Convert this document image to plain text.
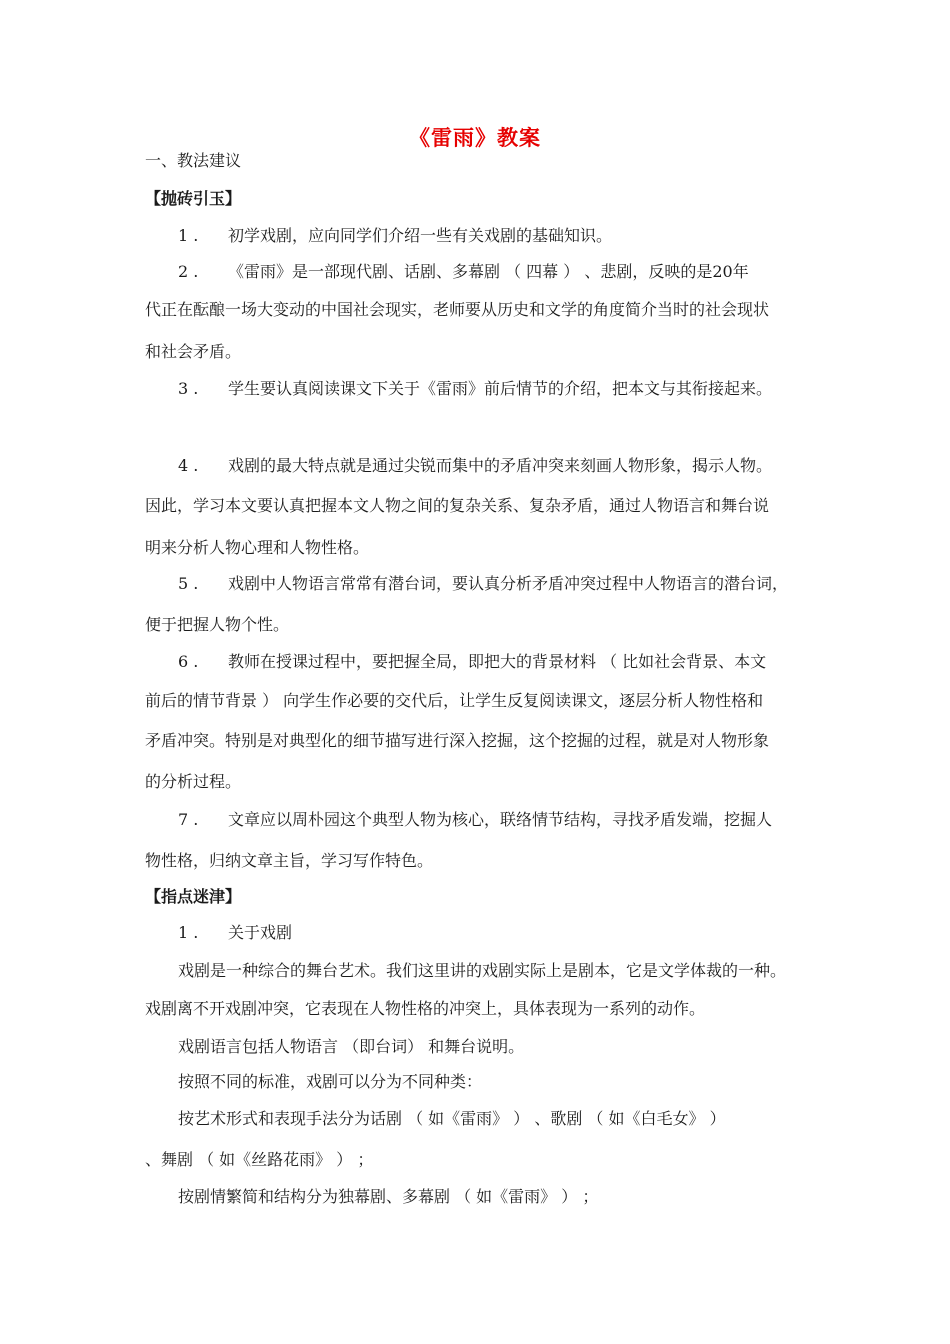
《雷雨》教案
一、教法建议
【抛砖引玉】
1 . 初学戏剧，应向同学们介绍一些有关戏剧的基础知识。
2 . 《雷雨》是一部现代剧、话剧、多幕剧 （ 四幕 ） 、悲剧，反映的是20年
代正在酝酿一场大变动的中国社会现实，老师要从历史和文学的角度简介当时的社会现状
和社会矛盾。
3 . 学生要认真阅读课文下关于《雷雨》前后情节的介绍，把本文与其衔接起来。
4 . 戏剧的最大特点就是通过尖锐而集中的矛盾冲突来刻画人物形象，揭示人物。
因此，学习本文要认真把握本文人物之间的复杂关系、复杂矛盾，通过人物语言和舞台说
明来分析人物心理和人物性格。
5 . 戏剧中人物语言常常有潜台词，要认真分析矛盾冲突过程中人物语言的潜台词，
便于把握人物个性。
6 . 教师在授课过程中，要把握全局，即把大的背景材料 （ 比如社会背景、本文
前后的情节背景 ） 向学生作必要的交代后，让学生反复阅读课文，逐层分析人物性格和
矛盾冲突。特别是对典型化的细节描写进行深入挖掘，这个挖掘的过程，就是对人物形象
的分析过程。
7 . 文章应以周朴园这个典型人物为核心，联络情节结构，寻找矛盾发端，挖掘人
物性格，归纳文章主旨，学习写作特色。
【指点迷津】
1 . 关于戏剧
戏剧是一种综合的舞台艺术。我们这里讲的戏剧实际上是剧本，它是文学体裁的一种。
戏剧离不开戏剧冲突，它表现在人物性格的冲突上，具体表现为一系列的动作。
戏剧语言包括人物语言 （即台词） 和舞台说明。
按照不同的标准，戏剧可以分为不同种类：
按艺术形式和表现手法分为话剧 （ 如《雷雨》 ） 、歌剧 （ 如《白毛女》 ）
、舞剧 （ 如《丝路花雨》 ） ；
按剧情繁简和结构分为独幕剧、多幕剧 （ 如《雷雨》 ） ；
